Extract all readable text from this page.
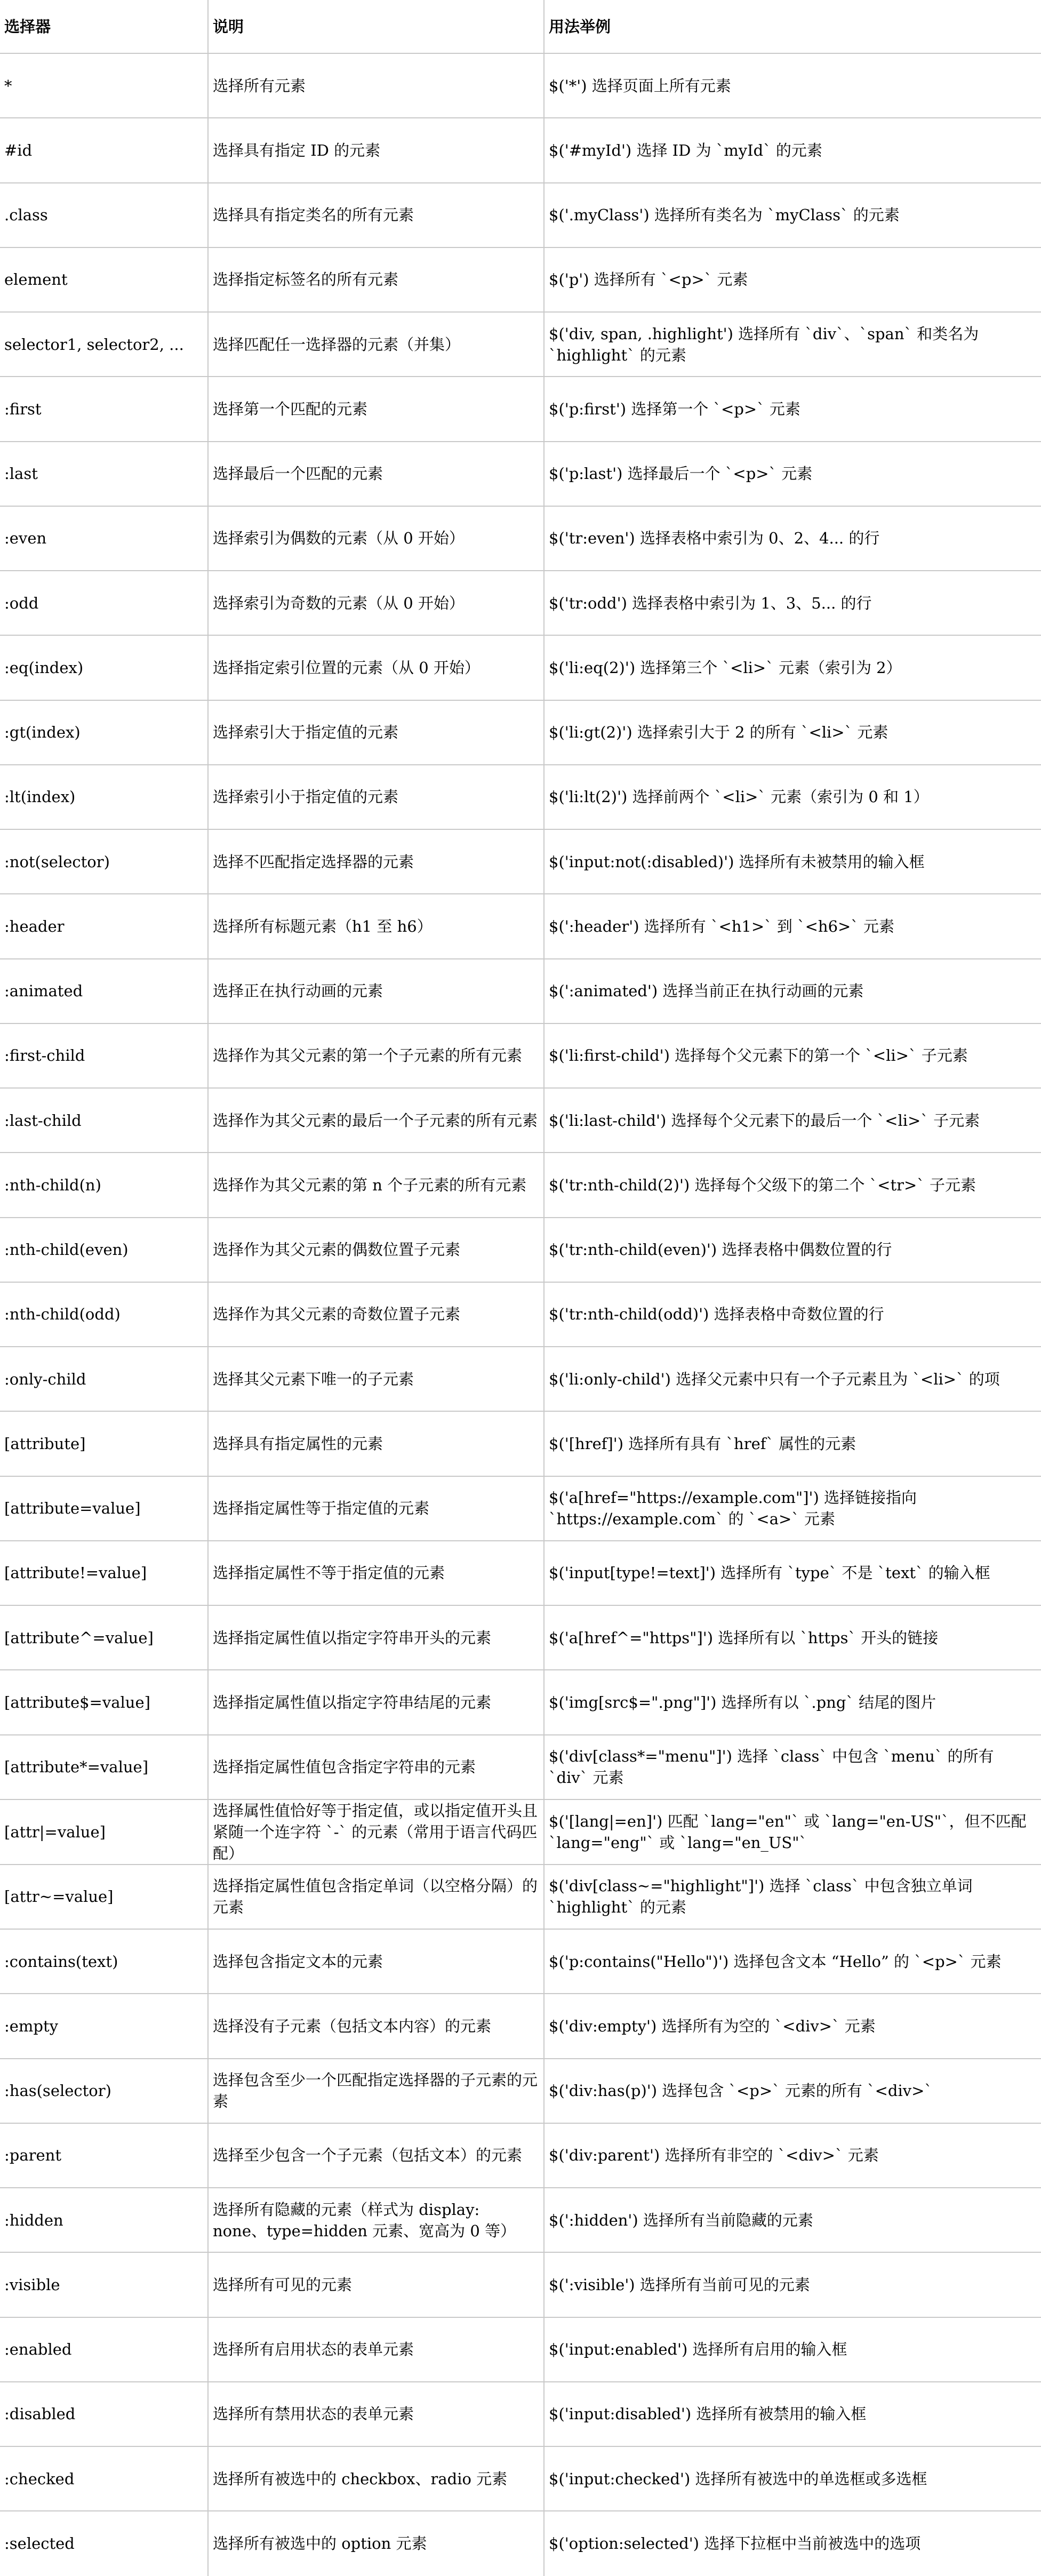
选择器	说明	用法举例
*	选择所有元素	$('*') 选择页面上所有元素
#id	选择具有指定 ID 的元素	$('#myId') 选择 ID 为 `myId` 的元素
.class	选择具有指定类名的所有元素	$('.myClass') 选择所有类名为 `myClass` 的元素
element	选择指定标签名的所有元素	$('p') 选择所有 `<p>` 元素
selector1, selector2, ...	选择匹配任一选择器的元素（并集）	$('div, span, .highlight') 选择所有 `div`、`span` 和类名为 `highlight` 的元素
:first	选择第一个匹配的元素	$('p:first') 选择第一个 `<p>` 元素
:last	选择最后一个匹配的元素	$('p:last') 选择最后一个 `<p>` 元素
:even	选择索引为偶数的元素（从 0 开始）	$('tr:even') 选择表格中索引为 0、2、4... 的行
:odd	选择索引为奇数的元素（从 0 开始）	$('tr:odd') 选择表格中索引为 1、3、5... 的行
:eq(index)	选择指定索引位置的元素（从 0 开始）	$('li:eq(2)') 选择第三个 `<li>` 元素（索引为 2）
:gt(index)	选择索引大于指定值的元素	$('li:gt(2)') 选择索引大于 2 的所有 `<li>` 元素
:lt(index)	选择索引小于指定值的元素	$('li:lt(2)') 选择前两个 `<li>` 元素（索引为 0 和 1）
:not(selector)	选择不匹配指定选择器的元素	$('input:not(:disabled)') 选择所有未被禁用的输入框
:header	选择所有标题元素（h1 至 h6）	$(':header') 选择所有 `<h1>` 到 `<h6>` 元素
:animated	选择正在执行动画的元素	$(':animated') 选择当前正在执行动画的元素
:first-child	选择作为其父元素的第一个子元素的所有元素	$('li:first-child') 选择每个父元素下的第一个 `<li>` 子元素
:last-child	选择作为其父元素的最后一个子元素的所有元素	$('li:last-child') 选择每个父元素下的最后一个 `<li>` 子元素
:nth-child(n)	选择作为其父元素的第 n 个子元素的所有元素	$('tr:nth-child(2)') 选择每个父级下的第二个 `<tr>` 子元素
:nth-child(even)	选择作为其父元素的偶数位置子元素	$('tr:nth-child(even)') 选择表格中偶数位置的行
:nth-child(odd)	选择作为其父元素的奇数位置子元素	$('tr:nth-child(odd)') 选择表格中奇数位置的行
:only-child	选择其父元素下唯一的子元素	$('li:only-child') 选择父元素中只有一个子元素且为 `<li>` 的项
[attribute]	选择具有指定属性的元素	$('[href]') 选择所有具有 `href` 属性的元素
[attribute=value]	选择指定属性等于指定值的元素	$('a[href="https://example.com"]') 选择链接指向 `https://example.com` 的 `<a>` 元素
[attribute!=value]	选择指定属性不等于指定值的元素	$('input[type!=text]') 选择所有 `type` 不是 `text` 的输入框
[attribute^=value]	选择指定属性值以指定字符串开头的元素	$('a[href^="https"]') 选择所有以 `https` 开头的链接
[attribute$=value]	选择指定属性值以指定字符串结尾的元素	$('img[src$=".png"]') 选择所有以 `.png` 结尾的图片
[attribute*=value]	选择指定属性值包含指定字符串的元素	$('div[class*="menu"]') 选择 `class` 中包含 `menu` 的所有 `div` 元素
[attr|=value]	选择属性值恰好等于指定值，或以指定值开头且紧随一个连字符 `-` 的元素（常用于语言代码匹配）	$('[lang|=en]') 匹配 `lang="en"` 或 `lang="en-US"`，但不匹配 `lang="eng"` 或 `lang="en_US"`
[attr~=value]	选择指定属性值包含指定单词（以空格分隔）的元素	$('div[class~="highlight"]') 选择 `class` 中包含独立单词 `highlight` 的元素
:contains(text)	选择包含指定文本的元素	$('p:contains("Hello")') 选择包含文本 “Hello” 的 `<p>` 元素
:empty	选择没有子元素（包括文本内容）的元素	$('div:empty') 选择所有为空的 `<div>` 元素
:has(selector)	选择包含至少一个匹配指定选择器的子元素的元素	$('div:has(p)') 选择包含 `<p>` 元素的所有 `<div>`
:parent	选择至少包含一个子元素（包括文本）的元素	$('div:parent') 选择所有非空的 `<div>` 元素
:hidden	选择所有隐藏的元素（样式为 display: none、type=hidden 元素、宽高为 0 等）	$(':hidden') 选择所有当前隐藏的元素
:visible	选择所有可见的元素	$(':visible') 选择所有当前可见的元素
:enabled	选择所有启用状态的表单元素	$('input:enabled') 选择所有启用的输入框
:disabled	选择所有禁用状态的表单元素	$('input:disabled') 选择所有被禁用的输入框
:checked	选择所有被选中的 checkbox、radio 元素	$('input:checked') 选择所有被选中的单选框或多选框
:selected	选择所有被选中的 option 元素	$('option:selected') 选择下拉框中当前被选中的选项
